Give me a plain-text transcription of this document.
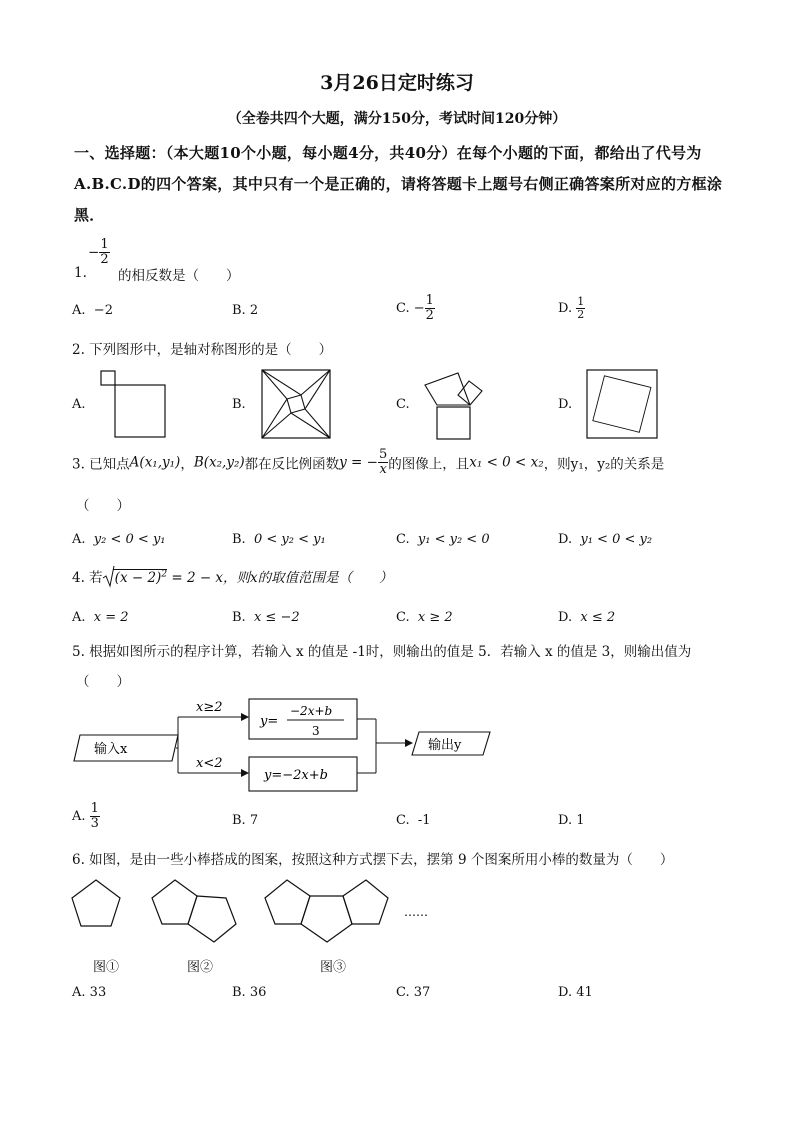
3月26日定时练习
（全卷共四个大题，满分150分，考试时间120分钟）
一、选择题：（本大题10个小题，每小题4分，共40分）在每个小题的下面，都给出了代号为A.B.C.D的四个答案，其中只有一个是正确的，请将答题卡上题号右侧正确答案所对应的方框涂黑．
1.
− $\frac{1}{2}$
的相反数是（　　）
A. −2	B. 2	C. − $\frac{1}{2}$	D. $\frac{1}{2}$
2. 下列图形中，是轴对称图形的是（　　）
A.	B.	C.	D.
3. 已知点A(x₁,y₁)，B(x₂,y₂)都在反比例函数y = − $\frac{5}{x}$ 的图像上，且x₁ < 0 < x₂，则y₁，y₂的关系是
（　　）
A. y₂ < 0 < y₁	B. 0 < y₂ < y₁	C. y₁ < y₂ < 0	D. y₁ < 0 < y₂
4. 若 $(x - 2)^2 = 2 - x$，则x的取值范围是（　　）
A. x = 2	B. x ≤ −2	C. x ≥ 2	D. x ≤ 2
5. 根据如图所示的程序计算，若输入 x 的值是 -1时，则输出的值是 5．若输入 x 的值是 3，则输出值为
（　　）
输入x
x≥2
x<2
y=
−2x+b
3
y=−2x+b
输出y
A. $\frac{1}{3}$	B. 7	C. -1	D. 1
6. 如图，是由一些小棒搭成的图案，按照这种方式摆下去，摆第 9 个图案所用小棒的数量为（　　）
……
图①	图②	图③
A. 33	B. 36	C. 37	D. 41
